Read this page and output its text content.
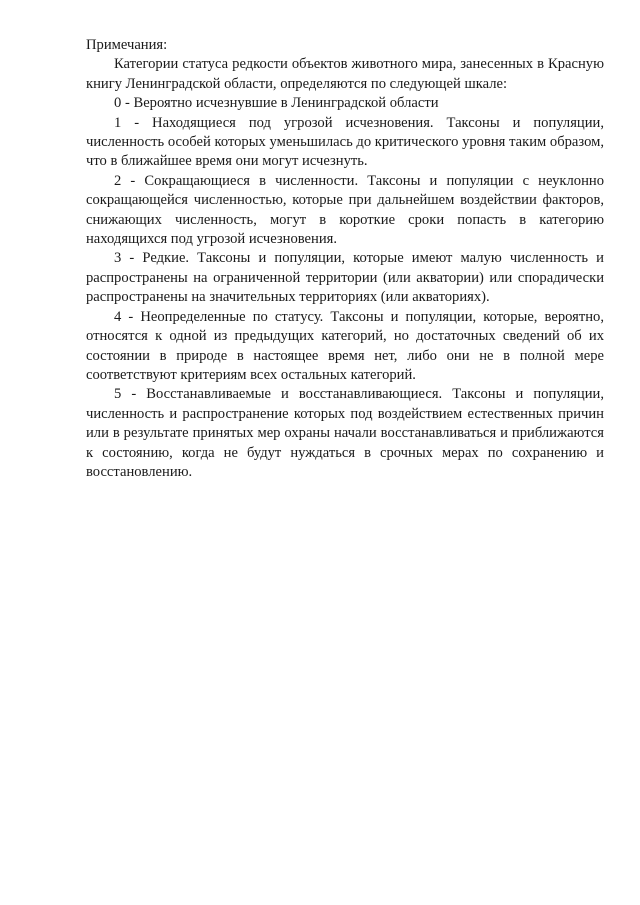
Примечания:

Категории статуса редкости объектов животного мира, занесенных в Красную книгу Ленинградской области, определяются по следующей шкале:

0 - Вероятно исчезнувшие в Ленинградской области

1 - Находящиеся под угрозой исчезновения. Таксоны и популяции, численность особей которых уменьшилась до критического уровня таким образом, что в ближайшее время они могут исчезнуть.

2 - Сокращающиеся в численности. Таксоны и популяции с неуклонно сокращающейся численностью, которые при дальнейшем воздействии факторов, снижающих численность, могут в короткие сроки попасть в категорию находящихся под угрозой исчезновения.

3 - Редкие. Таксоны и популяции, которые имеют малую численность и распространены на ограниченной территории (или акватории) или спорадически распространены на значительных территориях (или акваториях).

4 - Неопределенные по статусу. Таксоны и популяции, которые, вероятно, относятся к одной из предыдущих категорий, но достаточных сведений об их состоянии в природе в настоящее время нет, либо они не в полной мере соответствуют критериям всех остальных категорий.

5 - Восстанавливаемые и восстанавливающиеся. Таксоны и популяции, численность и распространение которых под воздействием естественных причин или в результате принятых мер охраны начали восстанавливаться и приближаются к состоянию, когда не будут нуждаться в срочных мерах по сохранению и восстановлению.
